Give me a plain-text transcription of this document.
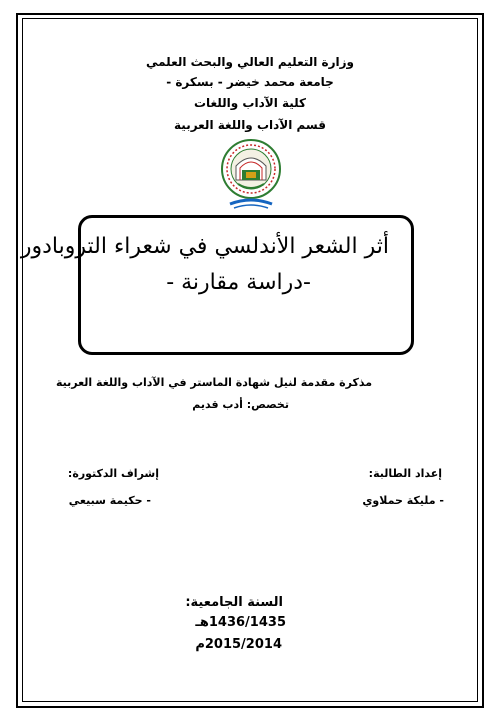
وزارة التعليم العالي والبحث العلمي
جامعة محمد خيضر - بسكرة -
كلية الآداب واللغات
قسم الآداب واللغة العربية
أثر الشعر الأندلسي في شعراء التروبادور
-دراسة مقارنة -
مذكرة مقدمة لنيل شهادة الماستر في الآداب واللغة العربية
تخصص: أدب قديم
إعداد الطالبة:
- مليكة حملاوي
إشراف الدكتورة:
- حكيمة سبيعي
السنة الجامعية:
1436/1435هـ
2015/2014م
